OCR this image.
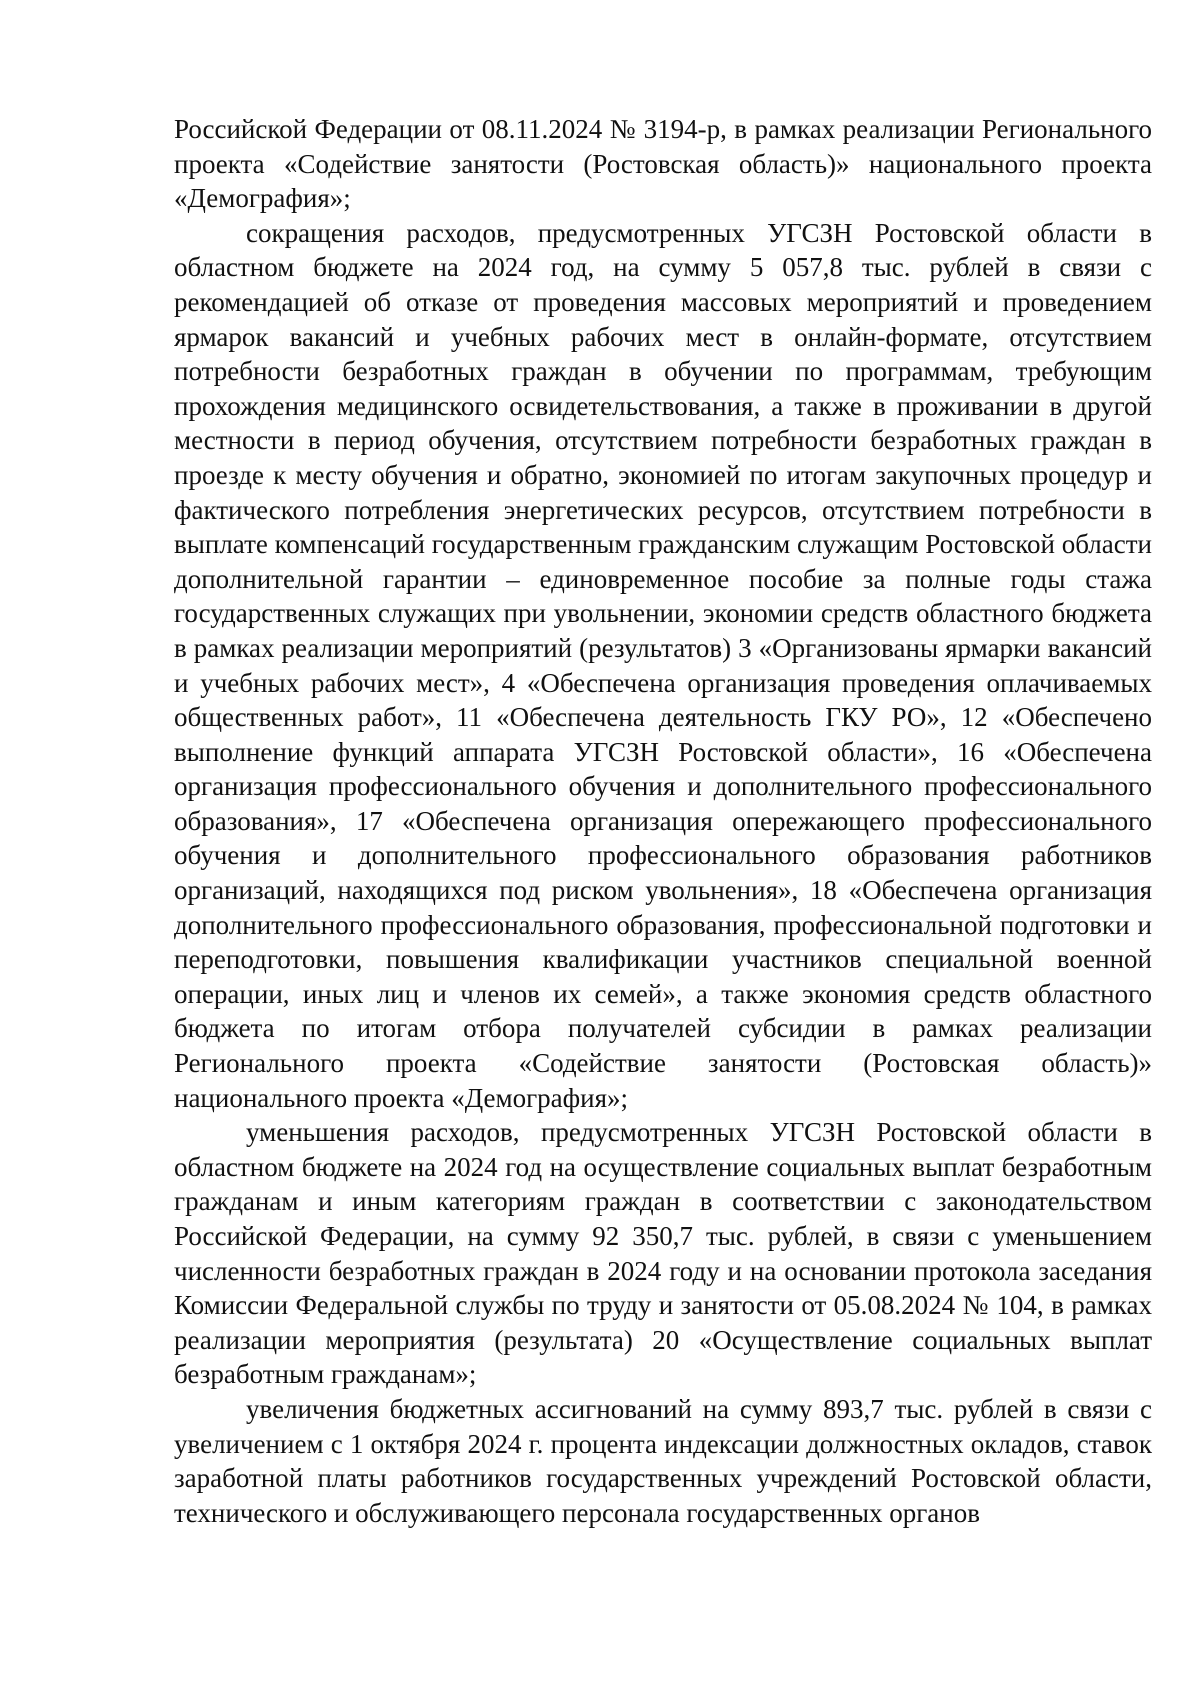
Российской Федерации от 08.11.2024 № 3194-р, в рамках реализации Регионального проекта «Содействие занятости (Ростовская область)» национального проекта «Демография»;

сокращения расходов, предусмотренных УГСЗН Ростовской области в областном бюджете на 2024 год, на сумму 5 057,8 тыс. рублей в связи с рекомендацией об отказе от проведения массовых мероприятий и проведением ярмарок вакансий и учебных рабочих мест в онлайн-формате, отсутствием потребности безработных граждан в обучении по программам, требующим прохождения медицинского освидетельствования, а также в проживании в другой местности в период обучения, отсутствием потребности безработных граждан в проезде к месту обучения и обратно, экономией по итогам закупочных процедур и фактического потребления энергетических ресурсов, отсутствием потребности в выплате компенсаций государственным гражданским служащим Ростовской области дополнительной гарантии – единовременное пособие за полные годы стажа государственных служащих при увольнении, экономии средств областного бюджета в рамках реализации мероприятий (результатов) 3 «Организованы ярмарки вакансий и учебных рабочих мест», 4 «Обеспечена организация проведения оплачиваемых общественных работ», 11 «Обеспечена деятельность ГКУ РО», 12 «Обеспечено выполнение функций аппарата УГСЗН Ростовской области», 16 «Обеспечена организация профессионального обучения и дополнительного профессионального образования», 17 «Обеспечена организация опережающего профессионального обучения и дополнительного профессионального образования работников организаций, находящихся под риском увольнения», 18 «Обеспечена организация дополнительного профессионального образования, профессиональной подготовки и переподготовки, повышения квалификации участников специальной военной операции, иных лиц и членов их семей», а также экономия средств областного бюджета по итогам отбора получателей субсидии в рамках реализации Регионального проекта «Содействие занятости (Ростовская область)» национального проекта «Демография»;

уменьшения расходов, предусмотренных УГСЗН Ростовской области в областном бюджете на 2024 год на осуществление социальных выплат безработным гражданам и иным категориям граждан в соответствии с законодательством Российской Федерации, на сумму 92 350,7 тыс. рублей, в связи с уменьшением численности безработных граждан в 2024 году и на основании протокола заседания Комиссии Федеральной службы по труду и занятости от 05.08.2024 № 104, в рамках реализации мероприятия (результата) 20 «Осуществление социальных выплат безработным гражданам»;

увеличения бюджетных ассигнований на сумму 893,7 тыс. рублей в связи с увеличением с 1 октября 2024 г. процента индексации должностных окладов, ставок заработной платы работников государственных учреждений Ростовской области, технического и обслуживающего персонала государственных органов
